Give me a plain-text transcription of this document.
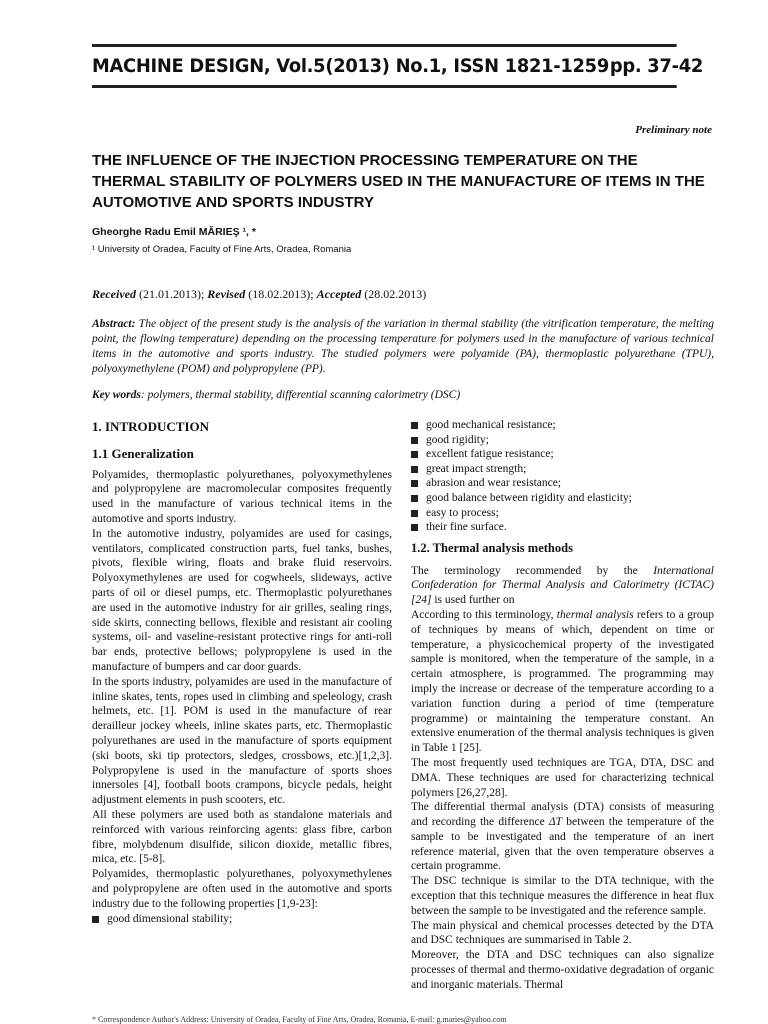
MACHINE DESIGN, Vol.5(2013) No.1, ISSN 1821-1259 pp. 37-42
Preliminary note
THE INFLUENCE OF THE INJECTION PROCESSING TEMPERATURE ON THE THERMAL STABILITY OF POLYMERS USED IN THE MANUFACTURE OF ITEMS IN THE AUTOMOTIVE AND SPORTS INDUSTRY
Gheorghe Radu Emil MĂRIEŞ ¹, *
¹ University of Oradea, Faculty of Fine Arts, Oradea, Romania
Received (21.01.2013); Revised (18.02.2013); Accepted (28.02.2013)
Abstract: The object of the present study is the analysis of the variation in thermal stability (the vitrification temperature, the melting point, the flowing temperature) depending on the processing temperature for polymers used in the manufacture of various technical items in the automotive and sports industry. The studied polymers were polyamide (PA), thermoplastic polyurethane (TPU), polyoxymethylene (POM) and polypropylene (PP).
Key words: polymers, thermal stability, differential scanning calorimetry (DSC)
1. INTRODUCTION
1.1 Generalization

Polyamides, thermoplastic polyurethanes, polyoxymethylenes and polypropylene are macromolecular composites frequently used in the manufacture of various technical items in the automotive and sports industry.

In the automotive industry, polyamides are used for casings, ventilators, complicated construction parts, fuel tanks, bushes, pivots, flexible wiring, floats and brake fluid reservoirs. Polyoxymethylenes are used for cogwheels, slideways, active parts of oil or diesel pumps, etc. Thermoplastic polyurethanes are used in the automotive industry for air grilles, sealing rings, side skirts, connecting bellows, flexible and resistant air cooling systems, oil- and vaseline-resistant protective rings for anti-roll bar ends, protective bellows; polypropylene is used in the manufacture of bumpers and car door guards.

In the sports industry, polyamides are used in the manufacture of inline skates, tents, ropes used in climbing and speleology, crash helmets, etc. [1]. POM is used in the manufacture of rear derailleur jockey wheels, inline skates parts, etc. Thermoplastic polyurethanes are used in the manufacture of sports equipment (ski boots, ski tip protectors, sledges, crossbows, etc.)[1,2,3]. Polypropylene is used in the manufacture of sports shoes innersoles [4], football boots crampons, bicycle pedals, height adjustment elements in push scooters, etc.

All these polymers are used both as standalone materials and reinforced with various reinforcing agents: glass fibre, carbon fibre, molybdenum disulfide, silicon dioxide, metallic fibres, mica, etc. [5-8].

Polyamides, thermoplastic polyurethanes, polyoxymethylenes and polypropylene are often used in the automotive and sports industry due to the following properties [1,9-23]:

good dimensional stability;
good mechanical resistance;
good rigidity;
excellent fatigue resistance;
great impact strength;
abrasion and wear resistance;
good balance between rigidity and elasticity;
easy to process;
their fine surface.
1.2. Thermal analysis methods

The terminology recommended by the International Confederation for Thermal Analysis and Calorimetry (ICTAC) [24] is used further on

According to this terminology, thermal analysis refers to a group of techniques by means of which, dependent on time or temperature, a physicochemical property of the investigated sample is monitored, when the temperature of the sample, in a certain atmosphere, is programmed. The programming may imply the increase or decrease of the temperature according to a variation function during a period of time (temperature programme) or maintaining the temperature constant. An extensive enumeration of the thermal analysis techniques is given in Table 1 [25].

The most frequently used techniques are TGA, DTA, DSC and DMA. These techniques are used for characterizing technical polymers [26,27,28].

The differential thermal analysis (DTA) consists of measuring and recording the difference ΔT between the temperature of the sample to be investigated and the temperature of an inert reference material, given that the oven temperature observes a certain programme.

The DSC technique is similar to the DTA technique, with the exception that this technique measures the difference in heat flux between the sample to be investigated and the reference sample.

The main physical and chemical processes detected by the DTA and DSC techniques are summarised in Table 2.

Moreover, the DTA and DSC techniques can also signalize processes of thermal and thermo-oxidative degradation of organic and inorganic materials. Thermal

* Correspondence Author's Address: University of Oradea, Faculty of Fine Arts, Oradea, Romania, E-mail: g.maries@yahoo.com
